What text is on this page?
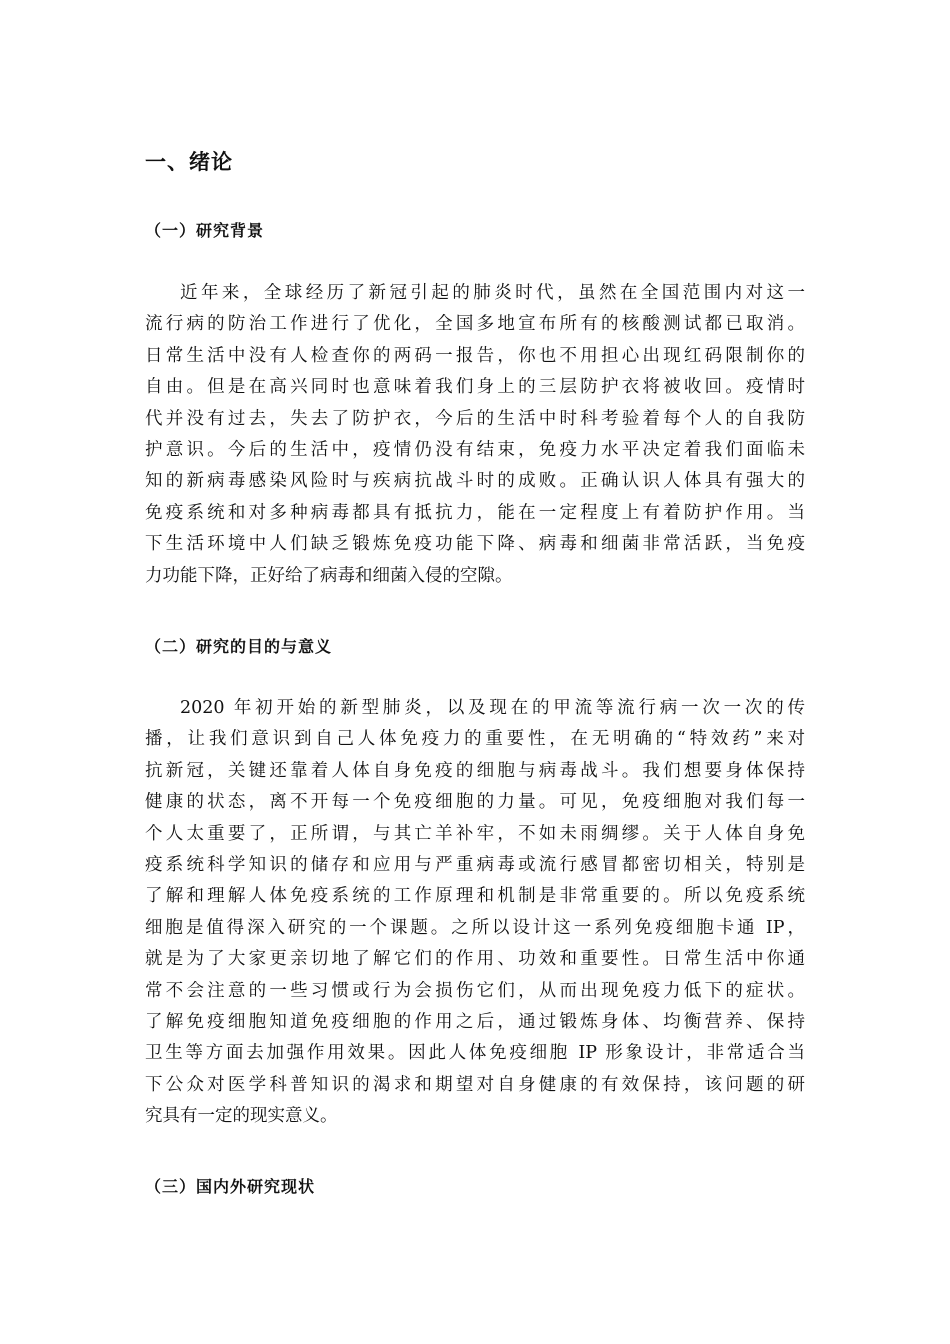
一、绪论
（一）研究背景
近年来，全球经历了新冠引起的肺炎时代，虽然在全国范围内对这一
流行病的防治工作进行了优化，全国多地宣布所有的核酸测试都已取消。
日常生活中没有人检查你的两码一报告，你也不用担心出现红码限制你的
自由。但是在高兴同时也意味着我们身上的三层防护衣将被收回。疫情时
代并没有过去，失去了防护衣，今后的生活中时科考验着每个人的自我防
护意识。今后的生活中，疫情仍没有结束，免疫力水平决定着我们面临未
知的新病毒感染风险时与疾病抗战斗时的成败。正确认识人体具有强大的
免疫系统和对多种病毒都具有抵抗力，能在一定程度上有着防护作用。当
下生活环境中人们缺乏锻炼免疫功能下降、病毒和细菌非常活跃，当免疫
力功能下降，正好给了病毒和细菌入侵的空隙。
（二）研究的目的与意义
2020 年初开始的新型肺炎，以及现在的甲流等流行病一次一次的传
播，让我们意识到自己人体免疫力的重要性，在无明确的“特效药”来对
抗新冠，关键还靠着人体自身免疫的细胞与病毒战斗。我们想要身体保持
健康的状态，离不开每一个免疫细胞的力量。可见，免疫细胞对我们每一
个人太重要了，正所谓，与其亡羊补牢，不如未雨绸缪。关于人体自身免
疫系统科学知识的储存和应用与严重病毒或流行感冒都密切相关，特别是
了解和理解人体免疫系统的工作原理和机制是非常重要的。所以免疫系统
细胞是值得深入研究的一个课题。之所以设计这一系列免疫细胞卡通 IP，
就是为了大家更亲切地了解它们的作用、功效和重要性。日常生活中你通
常不会注意的一些习惯或行为会损伤它们，从而出现免疫力低下的症状。
了解免疫细胞知道免疫细胞的作用之后，通过锻炼身体、均衡营养、保持
卫生等方面去加强作用效果。因此人体免疫细胞 IP 形象设计，非常适合当
下公众对医学科普知识的渴求和期望对自身健康的有效保持，该问题的研
究具有一定的现实意义。
（三）国内外研究现状
